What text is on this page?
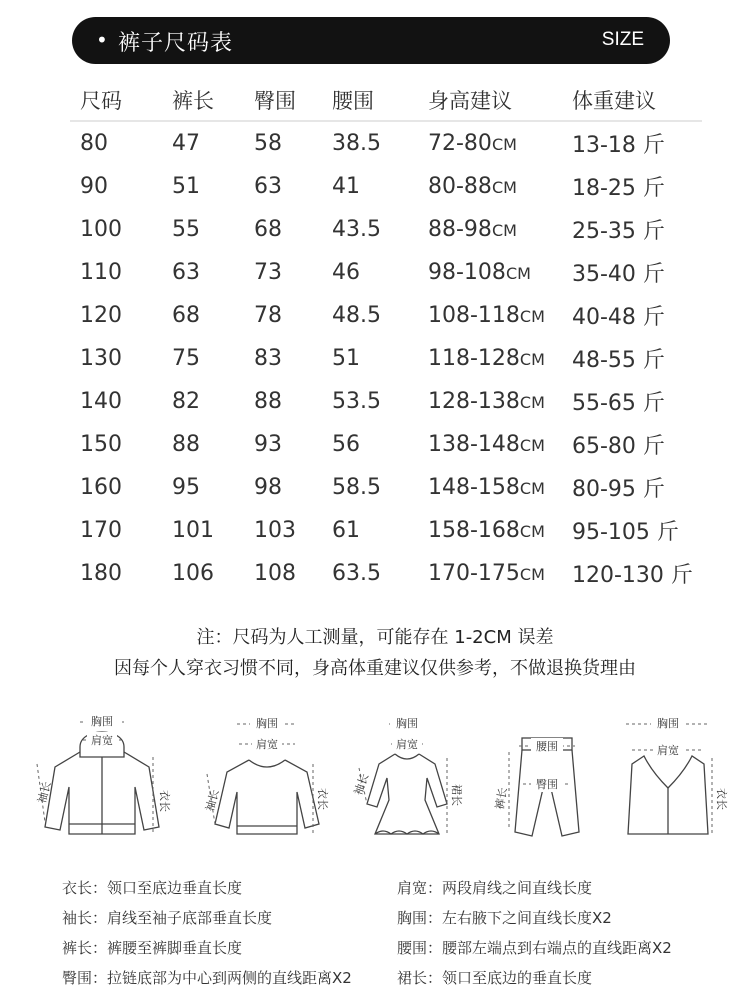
• 裤子尺码表	SIZE
尺码	裤长	臀围	腰围	身高建议	体重建议
80	47	58	38.5	72-80CM	13-18 斤
90	51	63	41	80-88CM	18-25 斤
100	55	68	43.5	88-98CM	25-35 斤
110	63	73	46	98-108CM	35-40 斤
120	68	78	48.5	108-118CM	40-48 斤
130	75	83	51	118-128CM	48-55 斤
140	82	88	53.5	128-138CM	55-65 斤
150	88	93	56	138-148CM	65-80 斤
160	95	98	58.5	148-158CM	80-95 斤
170	101	103	61	158-168CM	95-105 斤
180	106	108	63.5	170-175CM	120-130 斤
注：尺码为人工测量，可能存在 1-2CM 误差
因每个人穿衣习惯不同，身高体重建议仅供参考，不做退换货理由
胸围
肩宽
袖长	衣长
胸围
肩宽
袖长	衣长
胸围
肩宽
袖长	裙长
腰围
臀围
裤长
胸围
肩宽
衣长
衣长：领口至底边垂直长度
袖长：肩线至袖子底部垂直长度
裤长：裤腰至裤脚垂直长度
臀围：拉链底部为中心到两侧的直线距离X2
肩宽：两段肩线之间直线长度
胸围：左右腋下之间直线长度X2
腰围：腰部左端点到右端点的直线距离X2
裙长：领口至底边的垂直长度
